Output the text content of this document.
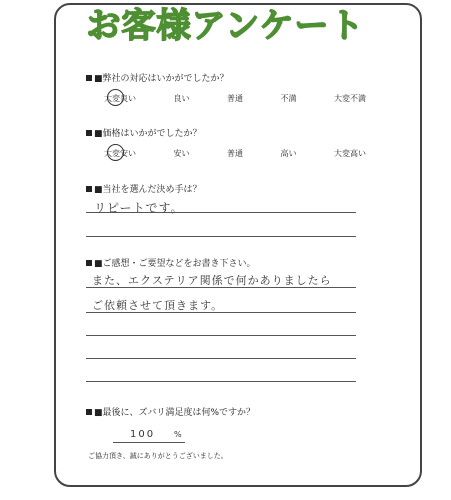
お客様アンケート
■弊社の対応はいかがでしたか？
大変良い	良い	普通	不満	大変不満
■価格はいかがでしたか？
大変安い	安い	普通	高い	大変高い
■当社を選んだ決め手は？
リピートです。
■ご感想・ご要望などをお書き下さい。
また、エクステリア関係で何かありましたら
ご依頼させて頂きます。
■最後に、ズバリ満足度は何%ですか？
100 %
ご協力頂き、誠にありがとうございました。
